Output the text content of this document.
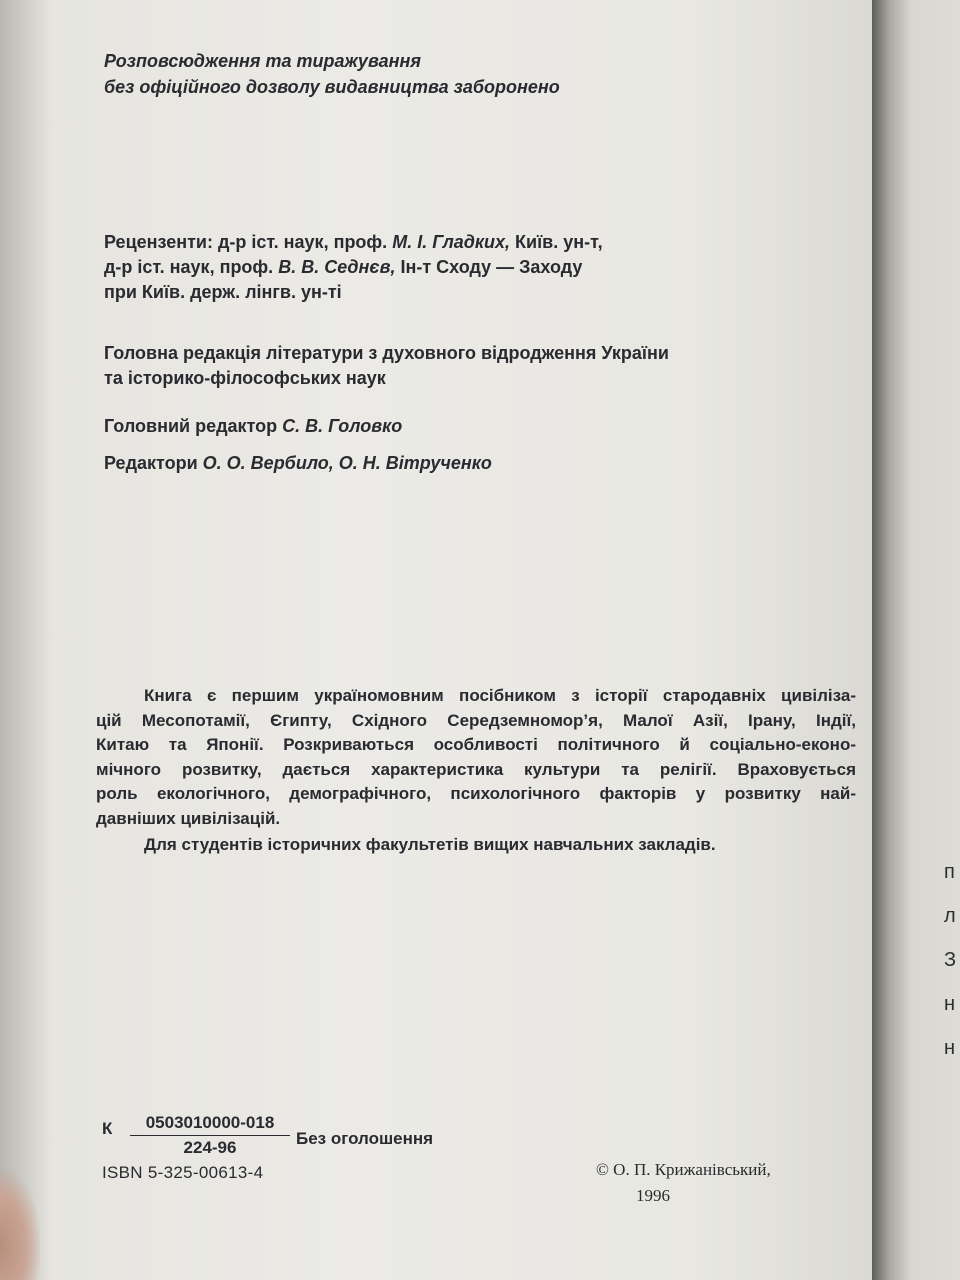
Розповсюдження та тиражування
без офіційного дозволу видавництва заборонено
Рецензенти: д-р іст. наук, проф. М. І. Гладких, Київ. ун-т,
д-р іст. наук, проф. В. В. Седнєв, Ін-т Сходу — Заходу
при Київ. держ. лінгв. ун-ті
Головна редакція літератури з духовного відродження України
та історико-філософських наук
Головний редактор С. В. Головко
Редактори О. О. Вербило, О. Н. Вітрученко

Книга є першим україномовним посібником з історії стародавніх цивіліза-

цій Месопотамії, Єгипту, Східного Середземномор’я, Малої Азії, Ірану, Індії,

Китаю та Японії. Розкриваються особливості політичного й соціально-еконо-

мічного розвитку, дається характеристика культури та релігії. Враховується

роль екологічного, демографічного, психологічного факторів у розвитку най-

давніших цивілізацій.

Для студентів історичних факультетів вищих навчальних закладів.

К $\frac{0503010000-018}{224-96}$ Без оголошення
ISBN 5-325-00613-4	© О. П. Крижанівський,
1996
п
л
З
н
н
